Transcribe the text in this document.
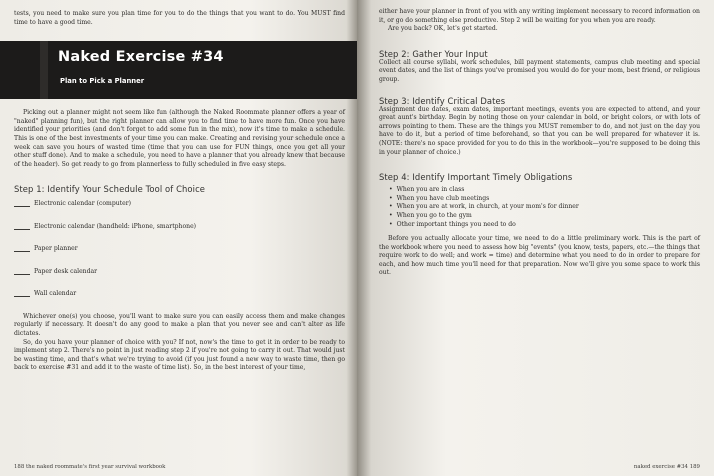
tests, you need to make sure you plan time for you to do the things that you want to do. You MUST find time to have a good time.

Naked Exercise #34
Plan to Pick a Planner

Picking out a planner might not seem like fun (although the Naked Roommate planner offers a year of "naked" planning fun), but the right planner can allow you to find time to have more fun. Once you have identified your priorities (and don't forget to add some fun in the mix), now it's time to make a schedule. This is one of the best investments of your time you can make. Creating and revising your schedule once a week can save you hours of wasted time (time that you can use for FUN things, once you get all your other stuff done). And to make a schedule, you need to have a planner that you already knew that because of the header). So get ready to go from plannerless to fully scheduled in five easy steps.

Step 1: Identify Your Schedule Tool of Choice
Electronic calendar (computer)
Electronic calendar (handheld: iPhone, smartphone)
Paper planner
Paper desk calendar
Wall calendar

Whichever one(s) you choose, you'll want to make sure you can easily access them and make changes regularly if necessary. It doesn't do any good to make a plan that you never see and can't alter as life dictates.

So, do you have your planner of choice with you? If not, now's the time to get it in order to be ready to implement step 2. There's no point in just reading step 2 if you're not going to carry it out. That would just be wasting time, and that's what we're trying to avoid (if you just found a new way to waste time, then go back to exercise #31 and add it to the waste of time list). So, in the best interest of your time,

188 the naked roommate's first year survival workbook

either have your planner in front of you with any writing implement necessary to record information on it, or go do something else productive. Step 2 will be waiting for you when you are ready.

Are you back? OK, let's get started.

Step 2: Gather Your Input

Collect all course syllabi, work schedules, bill payment statements, campus club meeting and special event dates, and the list of things you've promised you would do for your mom, best friend, or religious group.

Step 3: Identify Critical Dates

Assignment due dates, exam dates, important meetings, events you are expected to attend, and your great aunt's birthday. Begin by noting those on your calendar in bold, or bright colors, or with lots of arrows pointing to them. These are the things you MUST remember to do, and not just on the day you have to do it, but a period of time beforehand, so that you can be well prepared for whatever it is. (NOTE: there's no space provided for you to do this in the workbook—you're supposed to be doing this in your planner of choice.)

Step 4: Identify Important Timely Obligations
• When you are in class
• When you have club meetings
• When you are at work, in church, at your mom's for dinner
• When you go to the gym
• Other important things you need to do

Before you actually allocate your time, we need to do a little preliminary work. This is the part of the workbook where you need to assess how big "events" (you know, tests, papers, etc.—the things that require work to do well; and work = time) and determine what you need to do in order to prepare for each, and how much time you'll need for that preparation. Now we'll give you some space to work this out.

naked exercise #34 189
